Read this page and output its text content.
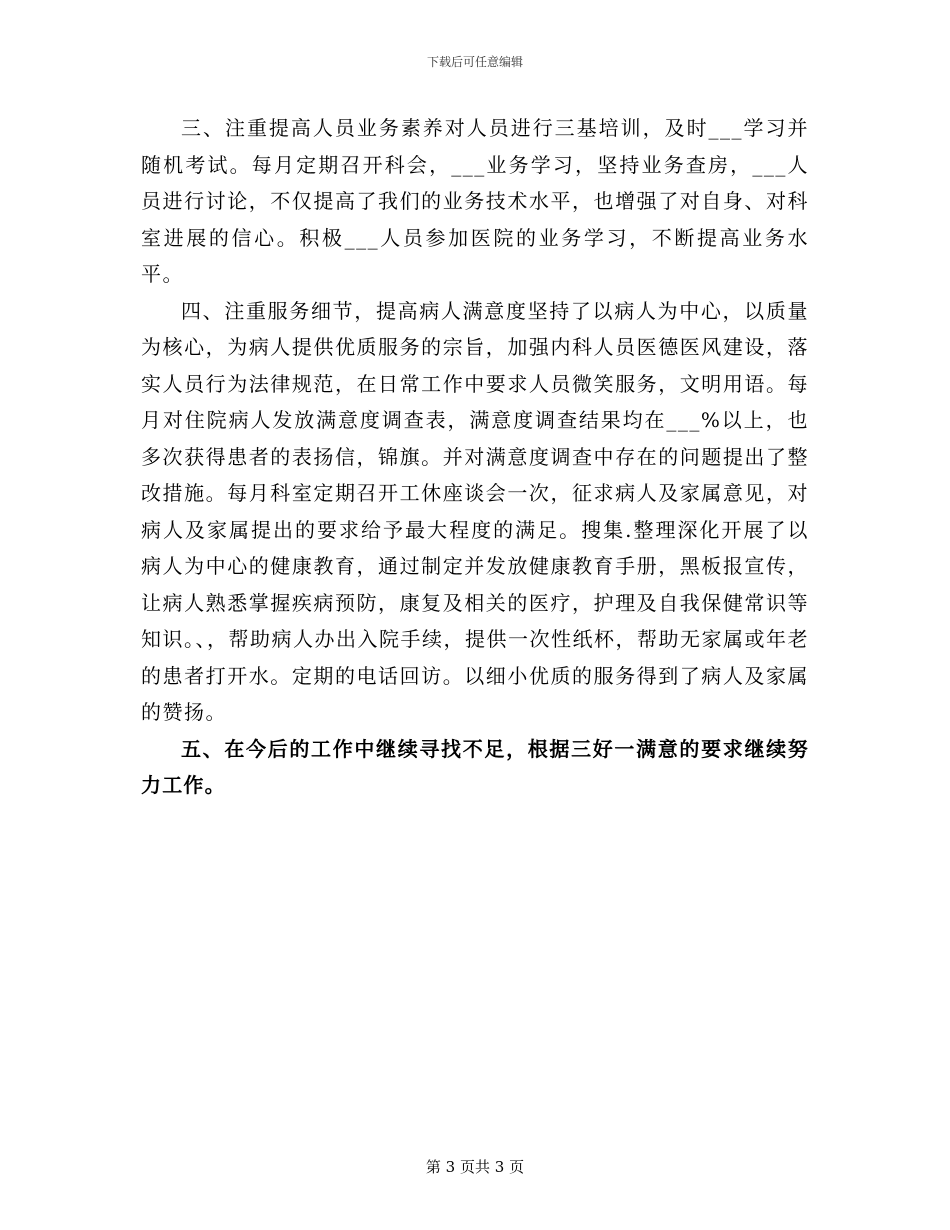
下载后可任意编辑

三、注重提高人员业务素养对人员进行三基培训，及时___学习并随机考试。每月定期召开科会，___业务学习，坚持业务查房，___人员进行讨论，不仅提高了我们的业务技术水平，也增强了对自身、对科室进展的信心。积极___人员参加医院的业务学习，不断提高业务水平。

四、注重服务细节，提高病人满意度坚持了以病人为中心，以质量为核心，为病人提供优质服务的宗旨，加强内科人员医德医风建设，落实人员行为法律规范，在日常工作中要求人员微笑服务，文明用语。每月对住院病人发放满意度调查表，满意度调查结果均在___%以上，也多次获得患者的表扬信，锦旗。并对满意度调查中存在的问题提出了整改措施。每月科室定期召开工休座谈会一次，征求病人及家属意见，对病人及家属提出的要求给予最大程度的满足。搜集.整理深化开展了以病人为中心的健康教育，通过制定并发放健康教育手册，黑板报宣传，让病人熟悉掌握疾病预防，康复及相关的医疗，护理及自我保健常识等知识。、，帮助病人办出入院手续，提供一次性纸杯，帮助无家属或年老的患者打开水。定期的电话回访。以细小优质的服务得到了病人及家属的赞扬。

五、在今后的工作中继续寻找不足，根据三好一满意的要求继续努力工作。

第 3 页共 3 页
